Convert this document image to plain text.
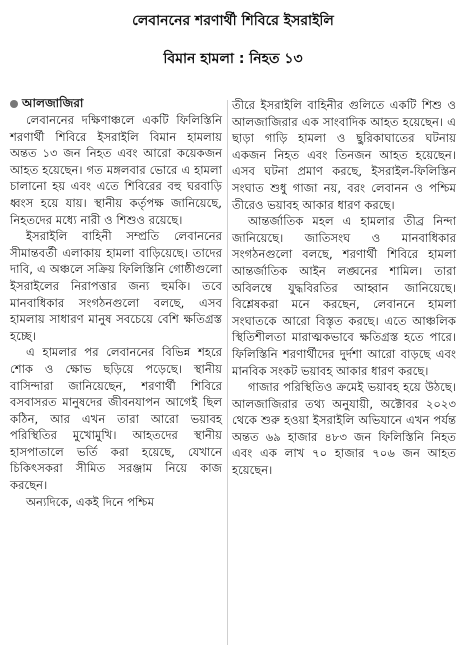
লেবাননের শরণার্থী শিবিরে ইসরাইলি
বিমান হামলা : নিহত ১৩
আলজাজিরা

লেবাননের দক্ষিণাঞ্চলে একটি ফিলিস্তিনি শরণার্থী শিবিরে ইসরাইলি বিমান হামলায় অন্তত ১৩ জন নিহত এবং আরো কয়েকজন আহত হয়েছেন। গত মঙ্গলবার ভোরে এ হামলা চালানো হয় এবং এতে শিবিরের বহু ঘরবাড়ি ধ্বংস হয়ে যায়। স্থানীয় কর্তৃপক্ষ জানিয়েছে, নিহতদের মধ্যে নারী ও শিশুও রয়েছে।

ইসরাইলি বাহিনী সম্প্রতি লেবাননের সীমান্তবর্তী এলাকায় হামলা বাড়িয়েছে। তাদের দাবি, এ অঞ্চলে সক্রিয় ফিলিস্তিনি গোষ্ঠীগুলো ইসরাইলের নিরাপত্তার জন্য হুমকি। তবে মানবাধিকার সংগঠনগুলো বলছে, এসব হামলায় সাধারণ মানুষ সবচেয়ে বেশি ক্ষতিগ্রস্ত হচ্ছে।

এ হামলার পর লেবাননের বিভিন্ন শহরে শোক ও ক্ষোভ ছড়িয়ে পড়েছে। স্থানীয় বাসিন্দারা জানিয়েছেন, শরণার্থী শিবিরে বসবাসরত মানুষদের জীবনযাপন আগেই ছিল কঠিন, আর এখন তারা আরো ভয়াবহ পরিস্থিতির মুখোমুখি। আহতদের স্থানীয় হাসপাতালে ভর্তি করা হয়েছে, যেখানে চিকিৎসকরা সীমিত সরঞ্জাম নিয়ে কাজ করছেন।

অন্যদিকে, একই দিনে পশ্চিম

তীরে ইসরাইলি বাহিনীর গুলিতে একটি শিশু ও আলজাজিরার এক সাংবাদিক আহত হয়েছেন। এ ছাড়া গাড়ি হামলা ও ছুরিকাঘাতের ঘটনায় একজন নিহত এবং তিনজন আহত হয়েছেন। এসব ঘটনা প্রমাণ করছে, ইসরাইল-ফিলিস্তিন সংঘাত শুধু গাজা নয়, বরং লেবানন ও পশ্চিম তীরেও ভয়াবহ আকার ধারণ করছে।

আন্তর্জাতিক মহল এ হামলার তীব্র নিন্দা জানিয়েছে। জাতিসংঘ ও মানবাধিকার সংগঠনগুলো বলছে, শরণার্থী শিবিরে হামলা আন্তর্জাতিক আইন লঙ্ঘনের শামিল। তারা অবিলম্বে যুদ্ধবিরতির আহ্বান জানিয়েছে। বিশ্লেষকরা মনে করছেন, লেবাননে হামলা সংঘাতকে আরো বিস্তৃত করছে। এতে আঞ্চলিক স্থিতিশীলতা মারাত্মকভাবে ক্ষতিগ্রস্ত হতে পারে। ফিলিস্তিনি শরণার্থীদের দুর্দশা আরো বাড়ছে এবং মানবিক সংকট ভয়াবহ আকার ধারণ করছে।

গাজার পরিস্থিতিও ক্রমেই ভয়াবহ হয়ে উঠছে। আলজাজিরার তথ্য অনুযায়ী, অক্টোবর ২০২৩ থেকে শুরু হওয়া ইসরাইলি অভিযানে এখন পর্যন্ত অন্তত ৬৯ হাজার ৪৮৩ জন ফিলিস্তিনি নিহত এবং এক লাখ ৭০ হাজার ৭০৬ জন আহত হয়েছেন।
